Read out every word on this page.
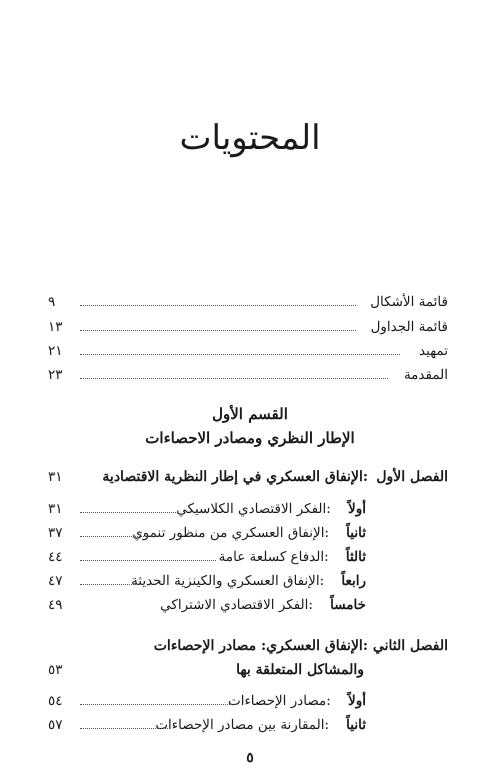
المحتويات
قائمة الأشكال
٩
قائمة الجداول
١٣
تمهيد
٢١
المقدمة
٢٣
القسم الأول
الإطار النظري ومصادر الاحصاءات
الفصل الأول
:الإنفاق العسكري في إطار النظرية الاقتصادية
٣١
أولاً    :الفكر الاقتصادي الكلاسيكي
٣١
ثانياً    :الإنفاق العسكري من منظور تنموي
٣٧
ثالثاً    :الدفاع كسلعة عامة
٤٤
رابعاً    :الإنفاق العسكري والكينزية الحديثة
٤٧
خامساً    :الفكر الاقتصادي الاشتراكي
٤٩
الفصل الثاني
:الإنفاق العسكري: مصادر الإحصاءات
والمشاكل المتعلقة بها
٥٣
أولاً    :مصادر الإحصاءات
٥٤
ثانياً    :المقارنة بين مصادر الإحصاءات
٥٧
٥
